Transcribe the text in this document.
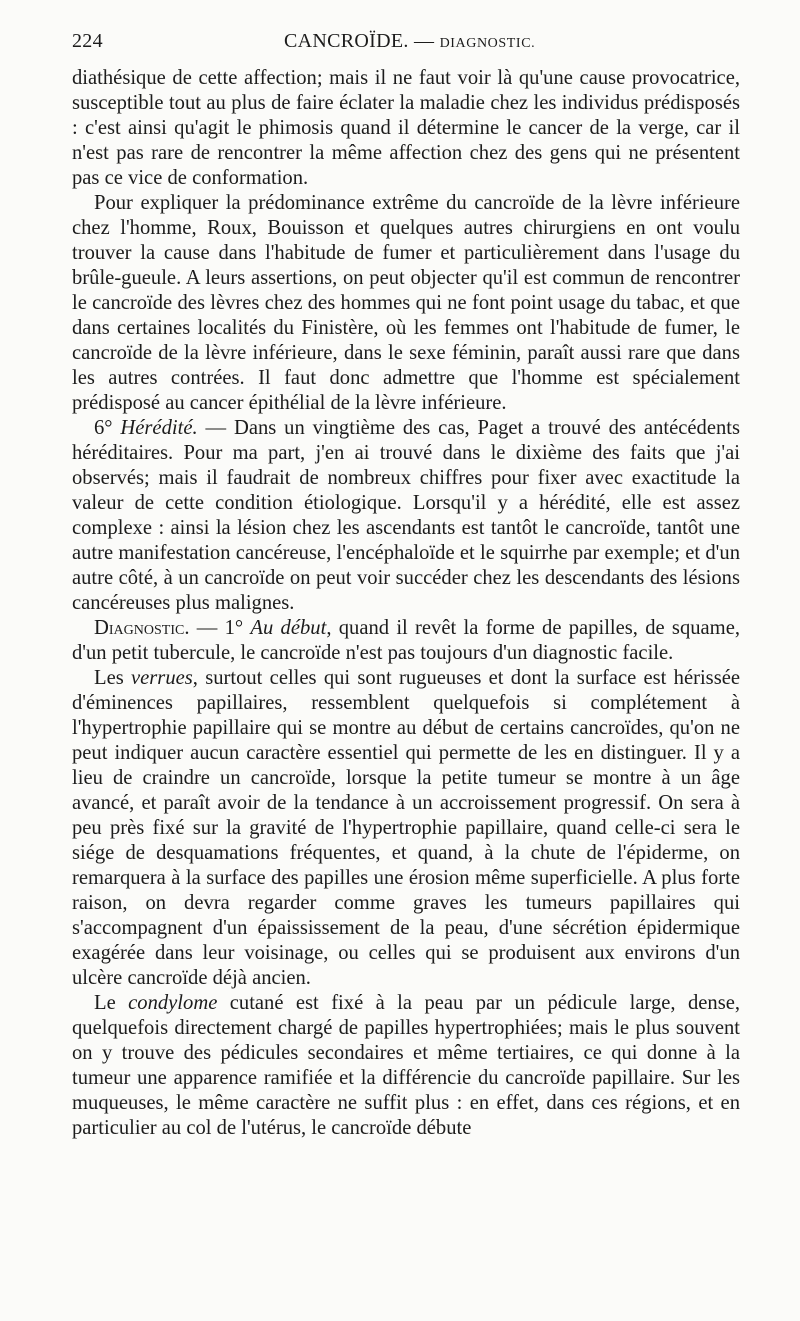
224	CANCROÏDE. — DIAGNOSTIC.

diathésique de cette affection; mais il ne faut voir là qu'une cause provocatrice, susceptible tout au plus de faire éclater la maladie chez les individus prédisposés : c'est ainsi qu'agit le phimosis quand il détermine le cancer de la verge, car il n'est pas rare de rencontrer la même affection chez des gens qui ne présentent pas ce vice de conformation.

Pour expliquer la prédominance extrême du cancroïde de la lèvre inférieure chez l'homme, Roux, Bouisson et quelques autres chirurgiens en ont voulu trouver la cause dans l'habitude de fumer et particulièrement dans l'usage du brûle-gueule. A leurs assertions, on peut objecter qu'il est commun de rencontrer le cancroïde des lèvres chez des hommes qui ne font point usage du tabac, et que dans certaines localités du Finistère, où les femmes ont l'habitude de fumer, le cancroïde de la lèvre inférieure, dans le sexe féminin, paraît aussi rare que dans les autres contrées. Il faut donc admettre que l'homme est spécialement prédisposé au cancer épithélial de la lèvre inférieure.

6° Hérédité. — Dans un vingtième des cas, Paget a trouvé des antécédents héréditaires. Pour ma part, j'en ai trouvé dans le dixième des faits que j'ai observés; mais il faudrait de nombreux chiffres pour fixer avec exactitude la valeur de cette condition étiologique. Lorsqu'il y a hérédité, elle est assez complexe : ainsi la lésion chez les ascendants est tantôt le cancroïde, tantôt une autre manifestation cancéreuse, l'encéphaloïde et le squirrhe par exemple; et d'un autre côté, à un cancroïde on peut voir succéder chez les descendants des lésions cancéreuses plus malignes.

Diagnostic. — 1° Au début, quand il revêt la forme de papilles, de squame, d'un petit tubercule, le cancroïde n'est pas toujours d'un diagnostic facile.

Les verrues, surtout celles qui sont rugueuses et dont la surface est hérissée d'éminences papillaires, ressemblent quelquefois si complétement à l'hypertrophie papillaire qui se montre au début de certains cancroïdes, qu'on ne peut indiquer aucun caractère essentiel qui permette de les en distinguer. Il y a lieu de craindre un cancroïde, lorsque la petite tumeur se montre à un âge avancé, et paraît avoir de la tendance à un accroissement progressif. On sera à peu près fixé sur la gravité de l'hypertrophie papillaire, quand celle-ci sera le siége de desquamations fréquentes, et quand, à la chute de l'épiderme, on remarquera à la surface des papilles une érosion même superficielle. A plus forte raison, on devra regarder comme graves les tumeurs papillaires qui s'accompagnent d'un épaississement de la peau, d'une sécrétion épidermique exagérée dans leur voisinage, ou celles qui se produisent aux environs d'un ulcère cancroïde déjà ancien.

Le condylome cutané est fixé à la peau par un pédicule large, dense, quelquefois directement chargé de papilles hypertrophiées; mais le plus souvent on y trouve des pédicules secondaires et même tertiaires, ce qui donne à la tumeur une apparence ramifiée et la différencie du cancroïde papillaire. Sur les muqueuses, le même caractère ne suffit plus : en effet, dans ces régions, et en particulier au col de l'utérus, le cancroïde débute
